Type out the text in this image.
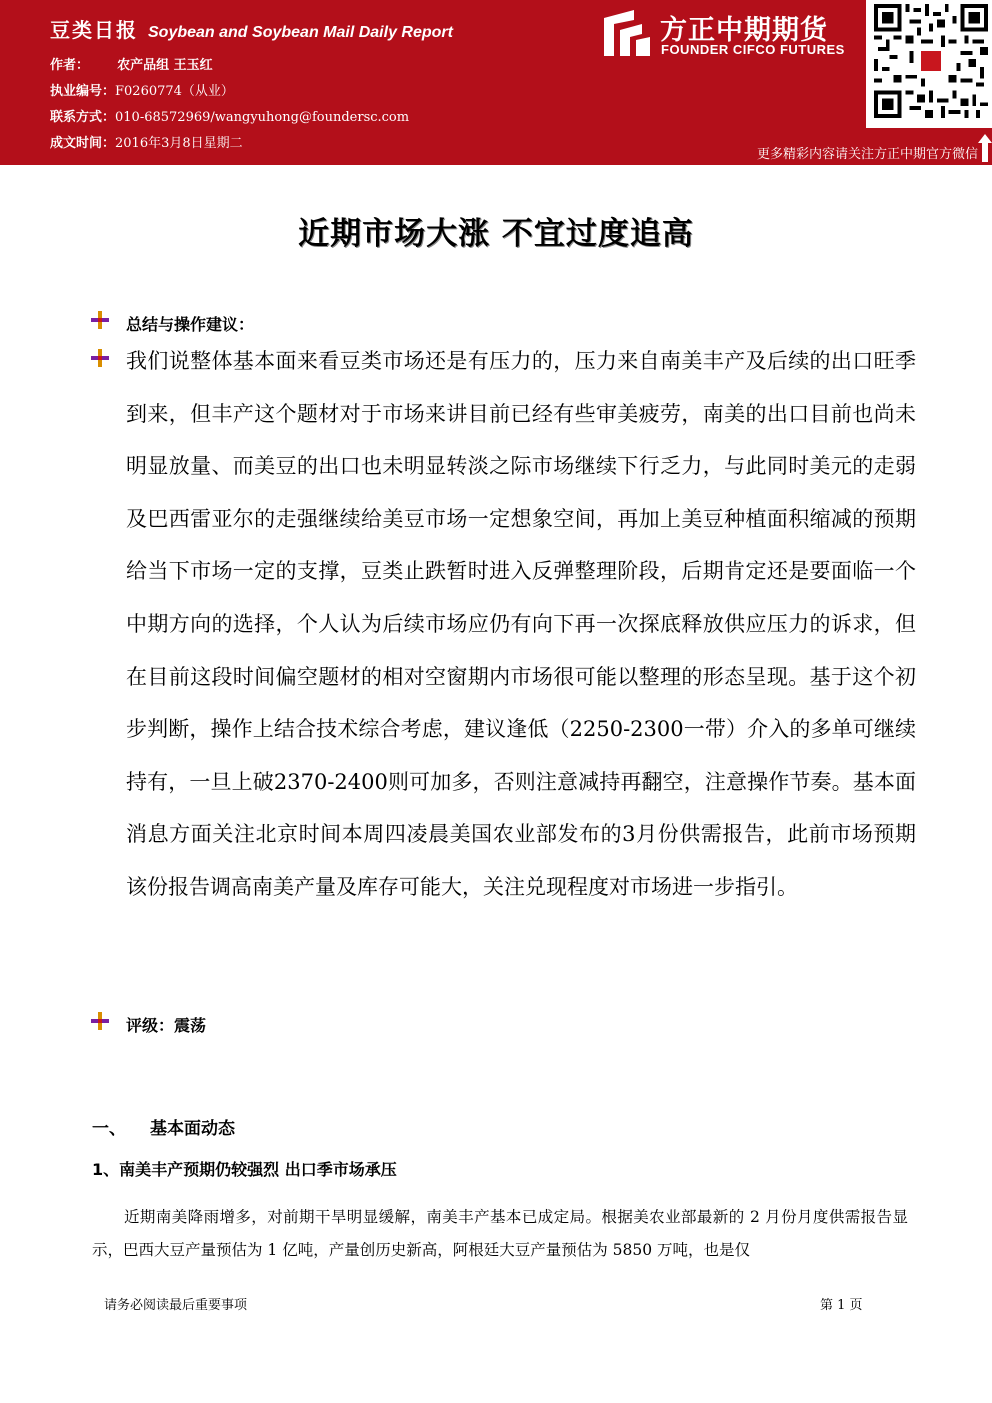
豆类日报 Soybean and Soybean Mail Daily Report
作者： 农产品组 王玉红
执业编号：F0260774（从业）
联系方式：010-68572969/wangyuhong@foundersc.com
成文时间：2016年3月8日星期二
方正中期期货
FOUNDER CIFCO FUTURES
更多精彩内容请关注方正中期官方微信
近期市场大涨 不宜过度追高
总结与操作建议：
我们说整体基本面来看豆类市场还是有压力的，压力来自南美丰产及后续的出口旺季到来，但丰产这个题材对于市场来讲目前已经有些审美疲劳，南美的出口目前也尚未明显放量、而美豆的出口也未明显转淡之际市场继续下行乏力，与此同时美元的走弱及巴西雷亚尔的走强继续给美豆市场一定想象空间，再加上美豆种植面积缩减的预期给当下市场一定的支撑，豆类止跌暂时进入反弹整理阶段，后期肯定还是要面临一个中期方向的选择，个人认为后续市场应仍有向下再一次探底释放供应压力的诉求，但在目前这段时间偏空题材的相对空窗期内市场很可能以整理的形态呈现。基于这个初步判断，操作上结合技术综合考虑，建议逢低（2250-2300一带）介入的多单可继续持有，一旦上破2370-2400则可加多，否则注意减持再翻空，注意操作节奏。基本面消息方面关注北京时间本周四凌晨美国农业部发布的3月份供需报告，此前市场预期该份报告调高南美产量及库存可能大，关注兑现程度对市场进一步指引。
评级：震荡
一、 基本面动态
1、南美丰产预期仍较强烈 出口季市场承压
近期南美降雨增多，对前期干旱明显缓解，南美丰产基本已成定局。根据美农业部最新的 2 月份月度供需报告显示，巴西大豆产量预估为 1 亿吨，产量创历史新高，阿根廷大豆产量预估为 5850 万吨，也是仅
请务必阅读最后重要事项	第 1 页
